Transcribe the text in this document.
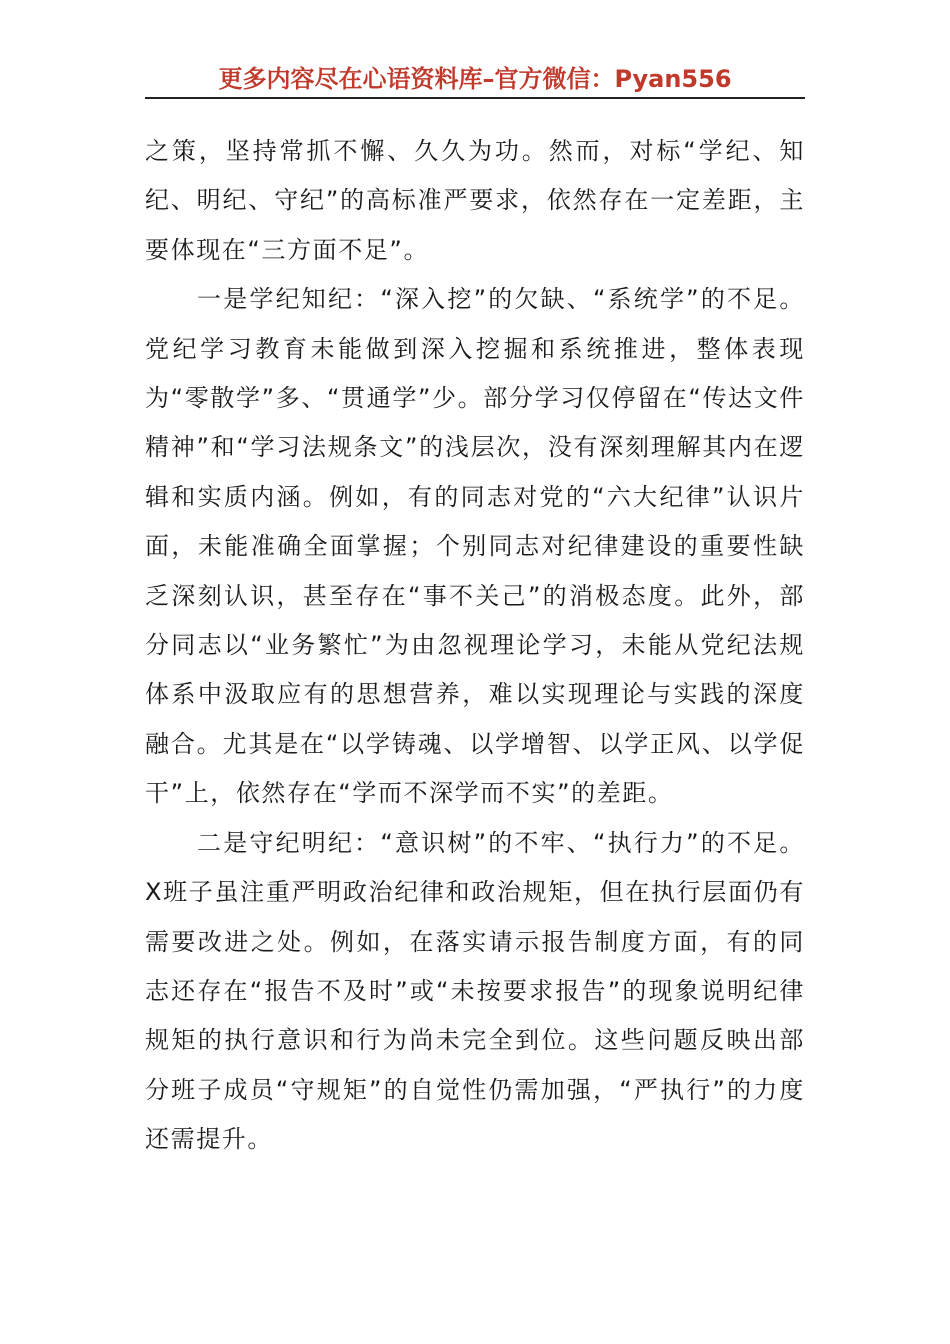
更多内容尽在心语资料库–官方微信：Pyan556

之策，坚持常抓不懈、久久为功。然而，对标“学纪、知纪、明纪、守纪”的高标准严要求，依然存在一定差距，主要体现在“三方面不足”。

一是学纪知纪：“深入挖”的欠缺、“系统学”的不足。党纪学习教育未能做到深入挖掘和系统推进，整体表现为“零散学”多、“贯通学”少。部分学习仅停留在“传达文件精神”和“学习法规条文”的浅层次，没有深刻理解其内在逻辑和实质内涵。例如，有的同志对党的“六大纪律”认识片面，未能准确全面掌握；个别同志对纪律建设的重要性缺乏深刻认识，甚至存在“事不关己”的消极态度。此外，部分同志以“业务繁忙”为由忽视理论学习，未能从党纪法规体系中汲取应有的思想营养，难以实现理论与实践的深度融合。尤其是在“以学铸魂、以学增智、以学正风、以学促干”上，依然存在“学而不深学而不实”的差距。

二是守纪明纪：“意识树”的不牢、“执行力”的不足。X班子虽注重严明政治纪律和政治规矩，但在执行层面仍有需要改进之处。例如，在落实请示报告制度方面，有的同志还存在“报告不及时”或“未按要求报告”的现象说明纪律规矩的执行意识和行为尚未完全到位。这些问题反映出部分班子成员“守规矩”的自觉性仍需加强，“严执行”的力度还需提升。
